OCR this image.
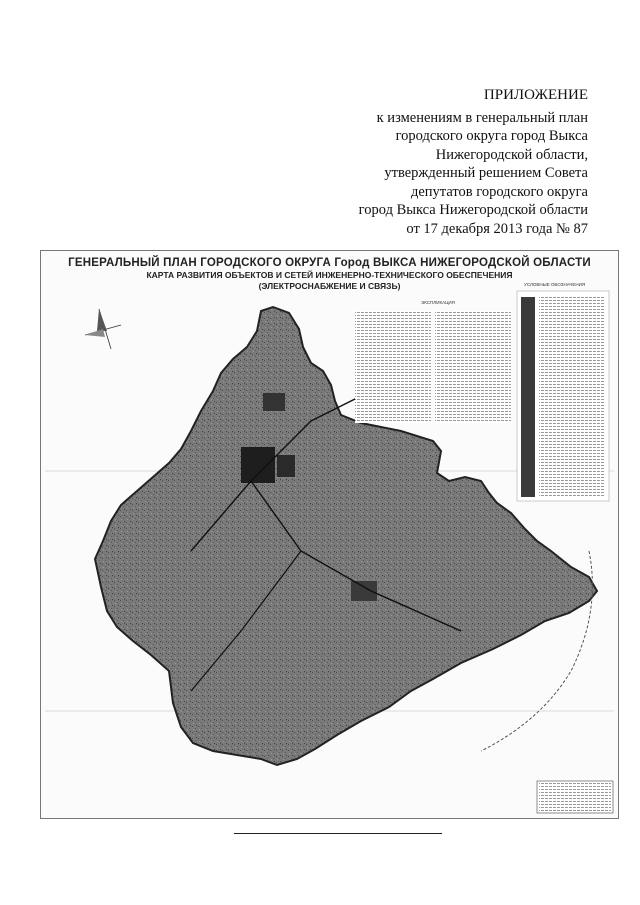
ПРИЛОЖЕНИЕ
к изменениям в генеральный план
городского округа город Выкса
Нижегородской области,
утвержденный решением Совета
депутатов городского округа
город Выкса Нижегородской области
от 17 декабря 2013 года № 87
ГЕНЕРАЛЬНЫЙ ПЛАН ГОРОДСКОГО ОКРУГА Город ВЫКСА НИЖЕГОРОДСКОЙ ОБЛАСТИ
КАРТА РАЗВИТИЯ ОБЪЕКТОВ И СЕТЕЙ ИНЖЕНЕРНО-ТЕХНИЧЕСКОГО ОБЕСПЕЧЕНИЯ
(ЭЛЕКТРОСНАБЖЕНИЕ И СВЯЗЬ)
ЭКСПЛИКАЦИЯ
УСЛОВНЫЕ ОБОЗНАЧЕНИЯ
